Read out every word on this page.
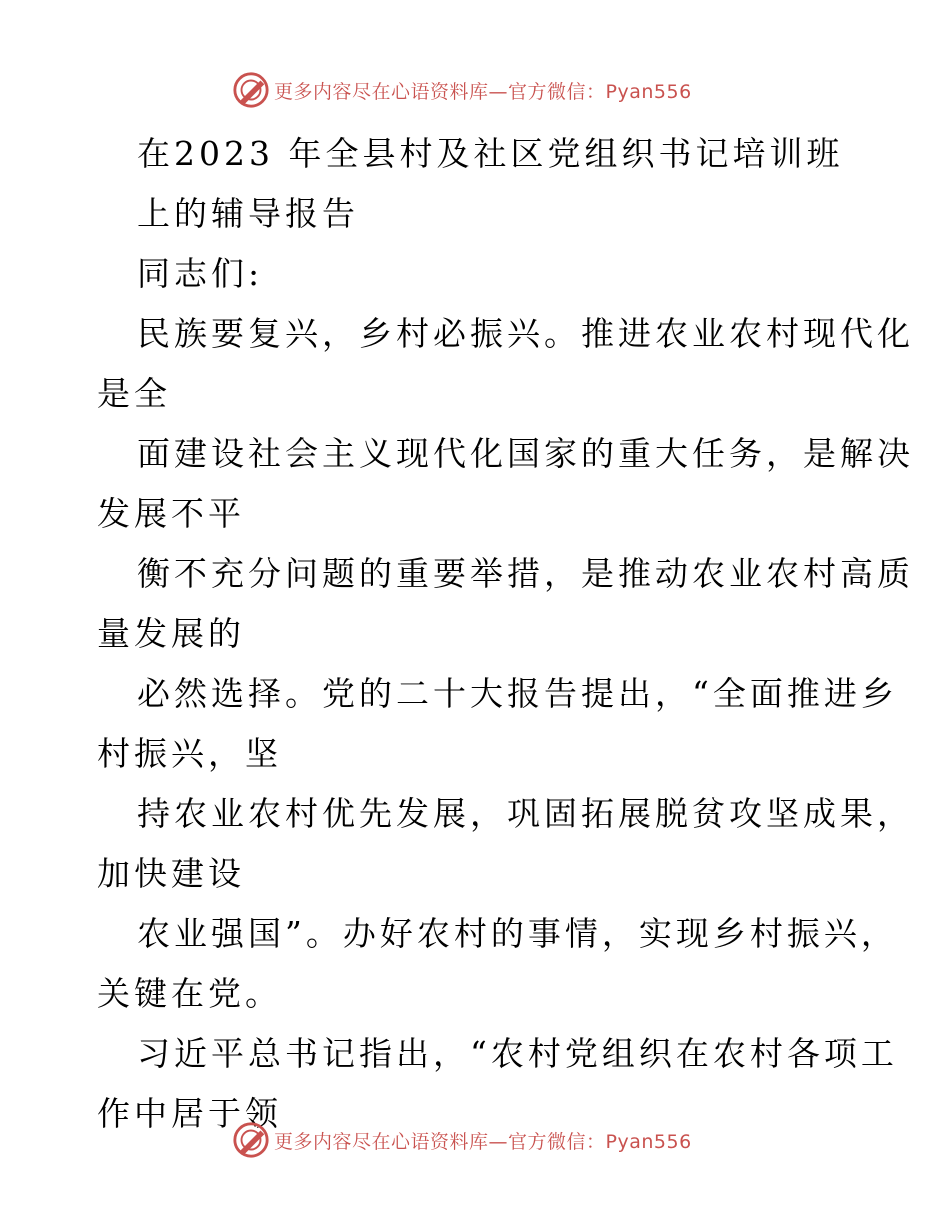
更多内容尽在心语资料库—官方微信：Pyan556
在2023 年全县村及社区党组织书记培训班
上的辅导报告
同志们:
民族要复兴，乡村必振兴。推进农业农村现代化
是全
面建设社会主义现代化国家的重大任务，是解决
发展不平
衡不充分问题的重要举措，是推动农业农村高质
量发展的
必然选择。党的二十大报告提出，“全面推进乡
村振兴，坚
持农业农村优先发展，巩固拓展脱贫攻坚成果，
加快建设
农业强国”。办好农村的事情，实现乡村振兴，
关键在党。
习近平总书记指出，“农村党组织在农村各项工
作中居于领
更多内容尽在心语资料库—官方微信：Pyan556
